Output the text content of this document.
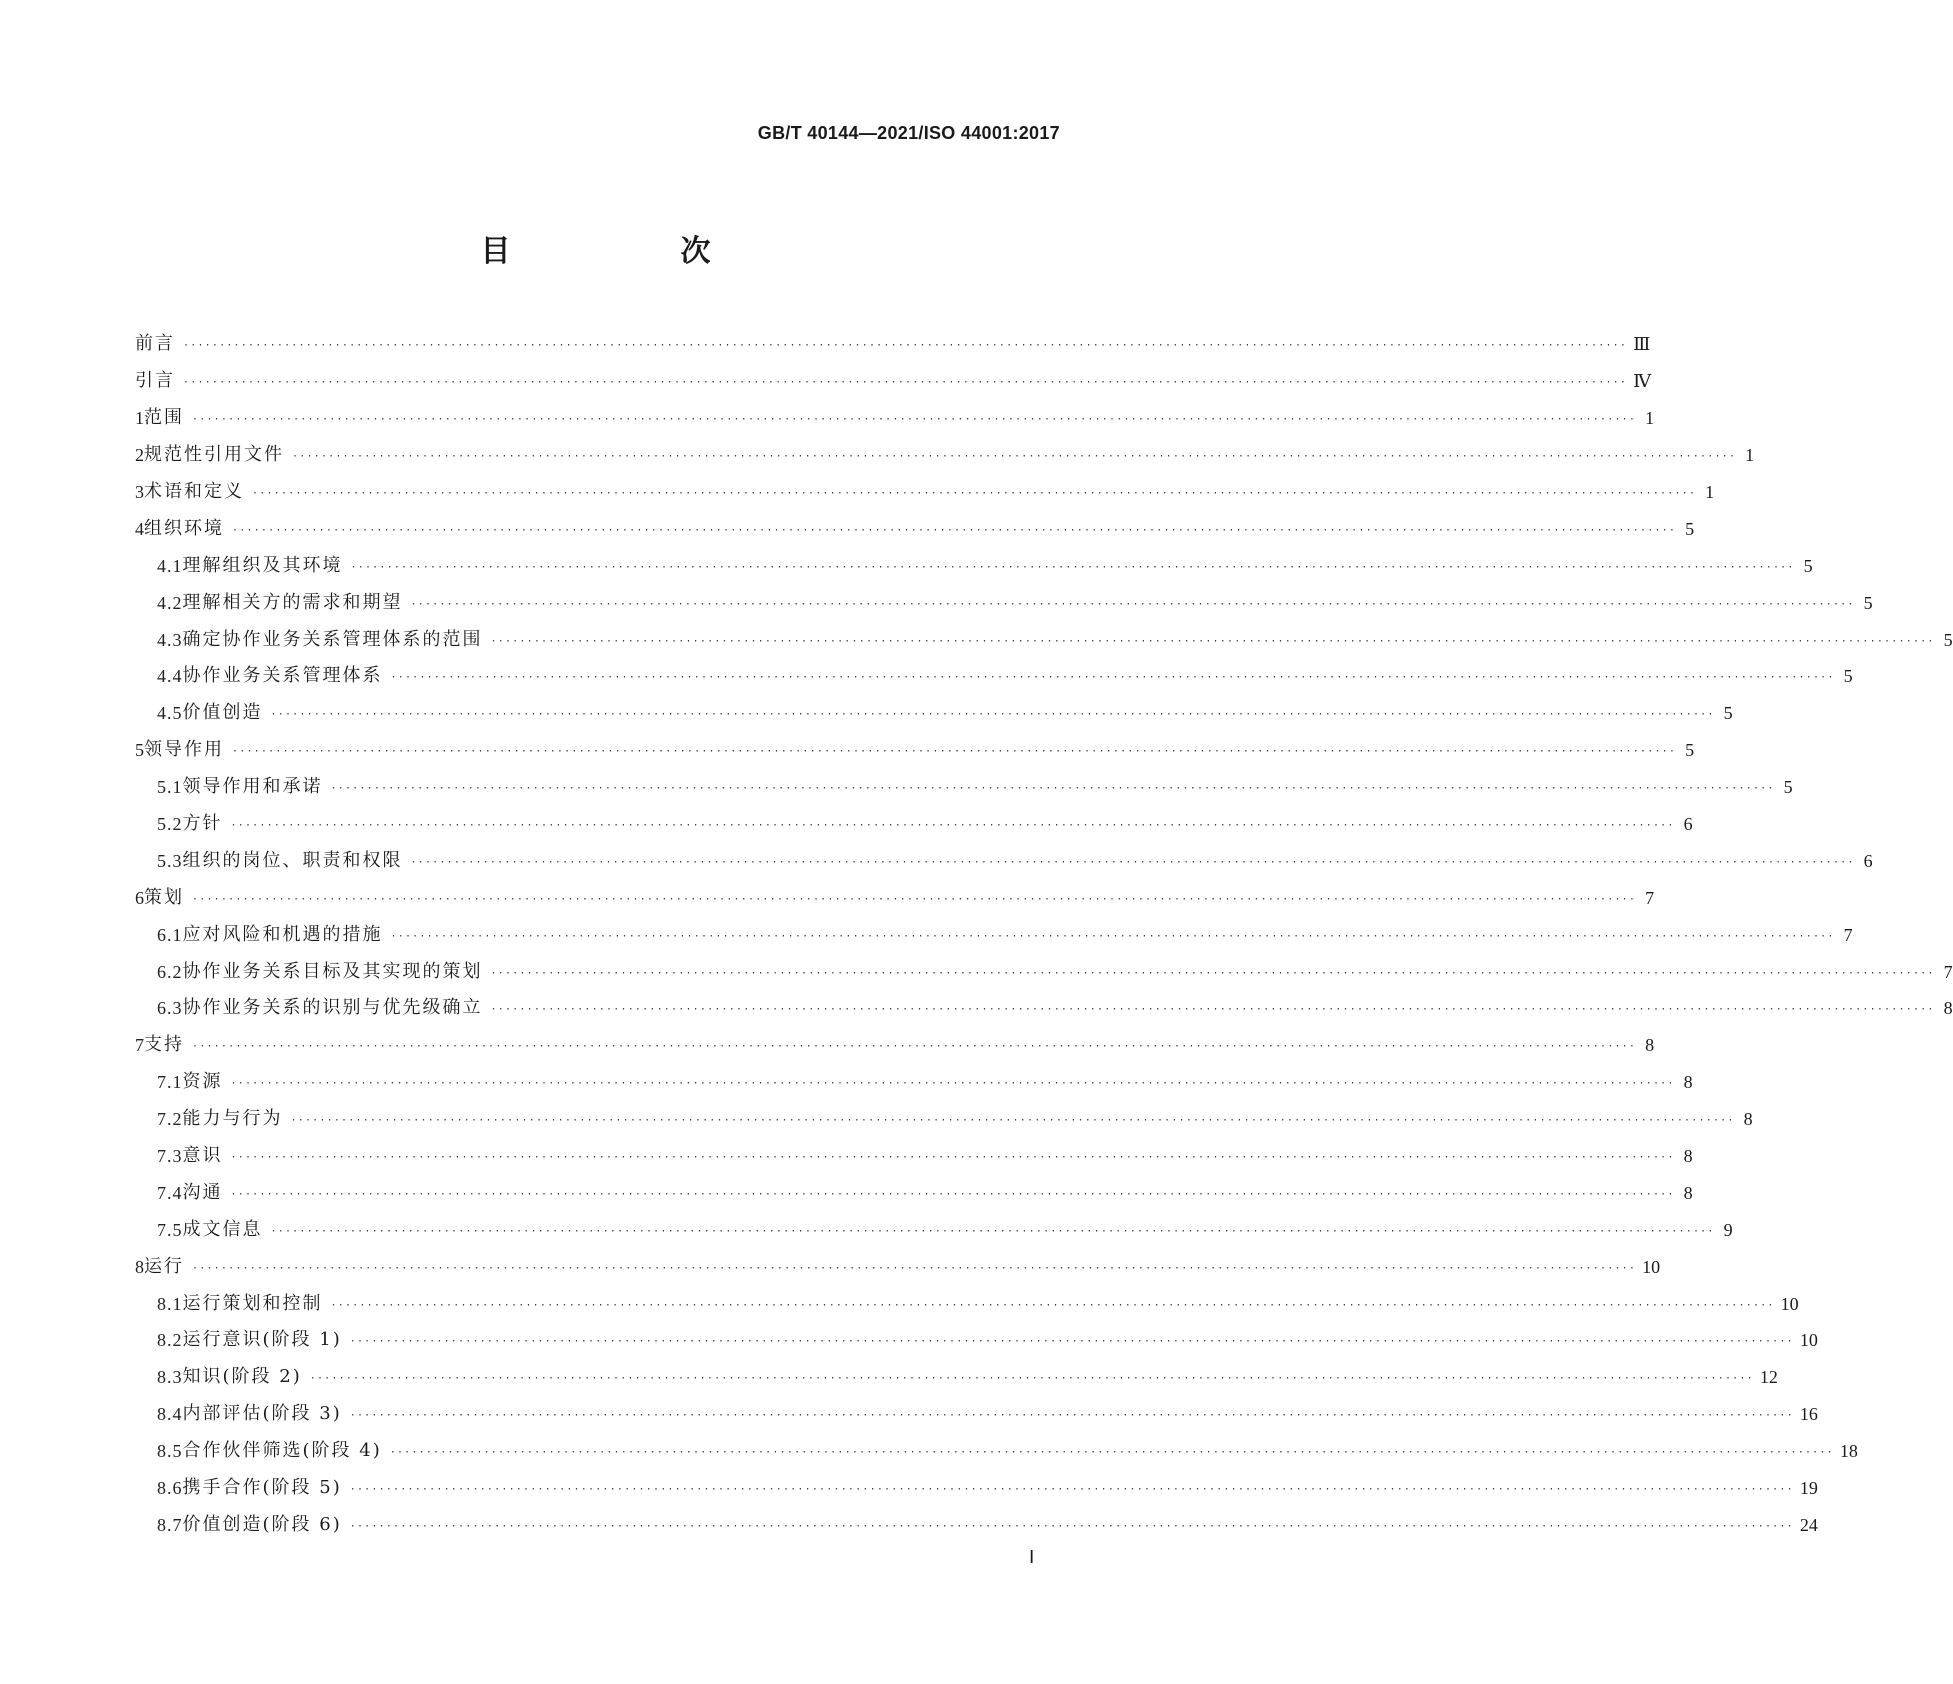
GB/T 40144—2021/ISO 44001:2017
目　次
前言 ········································································································································································································ Ⅲ
引言 ········································································································································································································ Ⅳ
1 范围 ········································································································································································································ 1
2 规范性引用文件 ········································································································································································································ 1
3 术语和定义 ········································································································································································································ 1
4 组织环境 ········································································································································································································ 5
4.1 理解组织及其环境 ········································································································································································································ 5
4.2 理解相关方的需求和期望 ········································································································································································································ 5
4.3 确定协作业务关系管理体系的范围 ········································································································································································································ 5
4.4 协作业务关系管理体系 ········································································································································································································ 5
4.5 价值创造 ········································································································································································································ 5
5 领导作用 ········································································································································································································ 5
5.1 领导作用和承诺 ········································································································································································································ 5
5.2 方针 ········································································································································································································ 6
5.3 组织的岗位、职责和权限 ········································································································································································································ 6
6 策划 ········································································································································································································ 7
6.1 应对风险和机遇的措施 ········································································································································································································ 7
6.2 协作业务关系目标及其实现的策划 ········································································································································································································ 7
6.3 协作业务关系的识别与优先级确立 ········································································································································································································ 8
7 支持 ········································································································································································································ 8
7.1 资源 ········································································································································································································ 8
7.2 能力与行为 ········································································································································································································ 8
7.3 意识 ········································································································································································································ 8
7.4 沟通 ········································································································································································································ 8
7.5 成文信息 ········································································································································································································ 9
8 运行 ········································································································································································································ 10
8.1 运行策划和控制 ········································································································································································································ 10
8.2 运行意识(阶段 1) ········································································································································································································ 10
8.3 知识(阶段 2) ········································································································································································································ 12
8.4 内部评估(阶段 3) ········································································································································································································ 16
8.5 合作伙伴筛选(阶段 4) ········································································································································································································ 18
8.6 携手合作(阶段 5) ········································································································································································································ 19
8.7 价值创造(阶段 6) ········································································································································································································ 24
Ⅰ
